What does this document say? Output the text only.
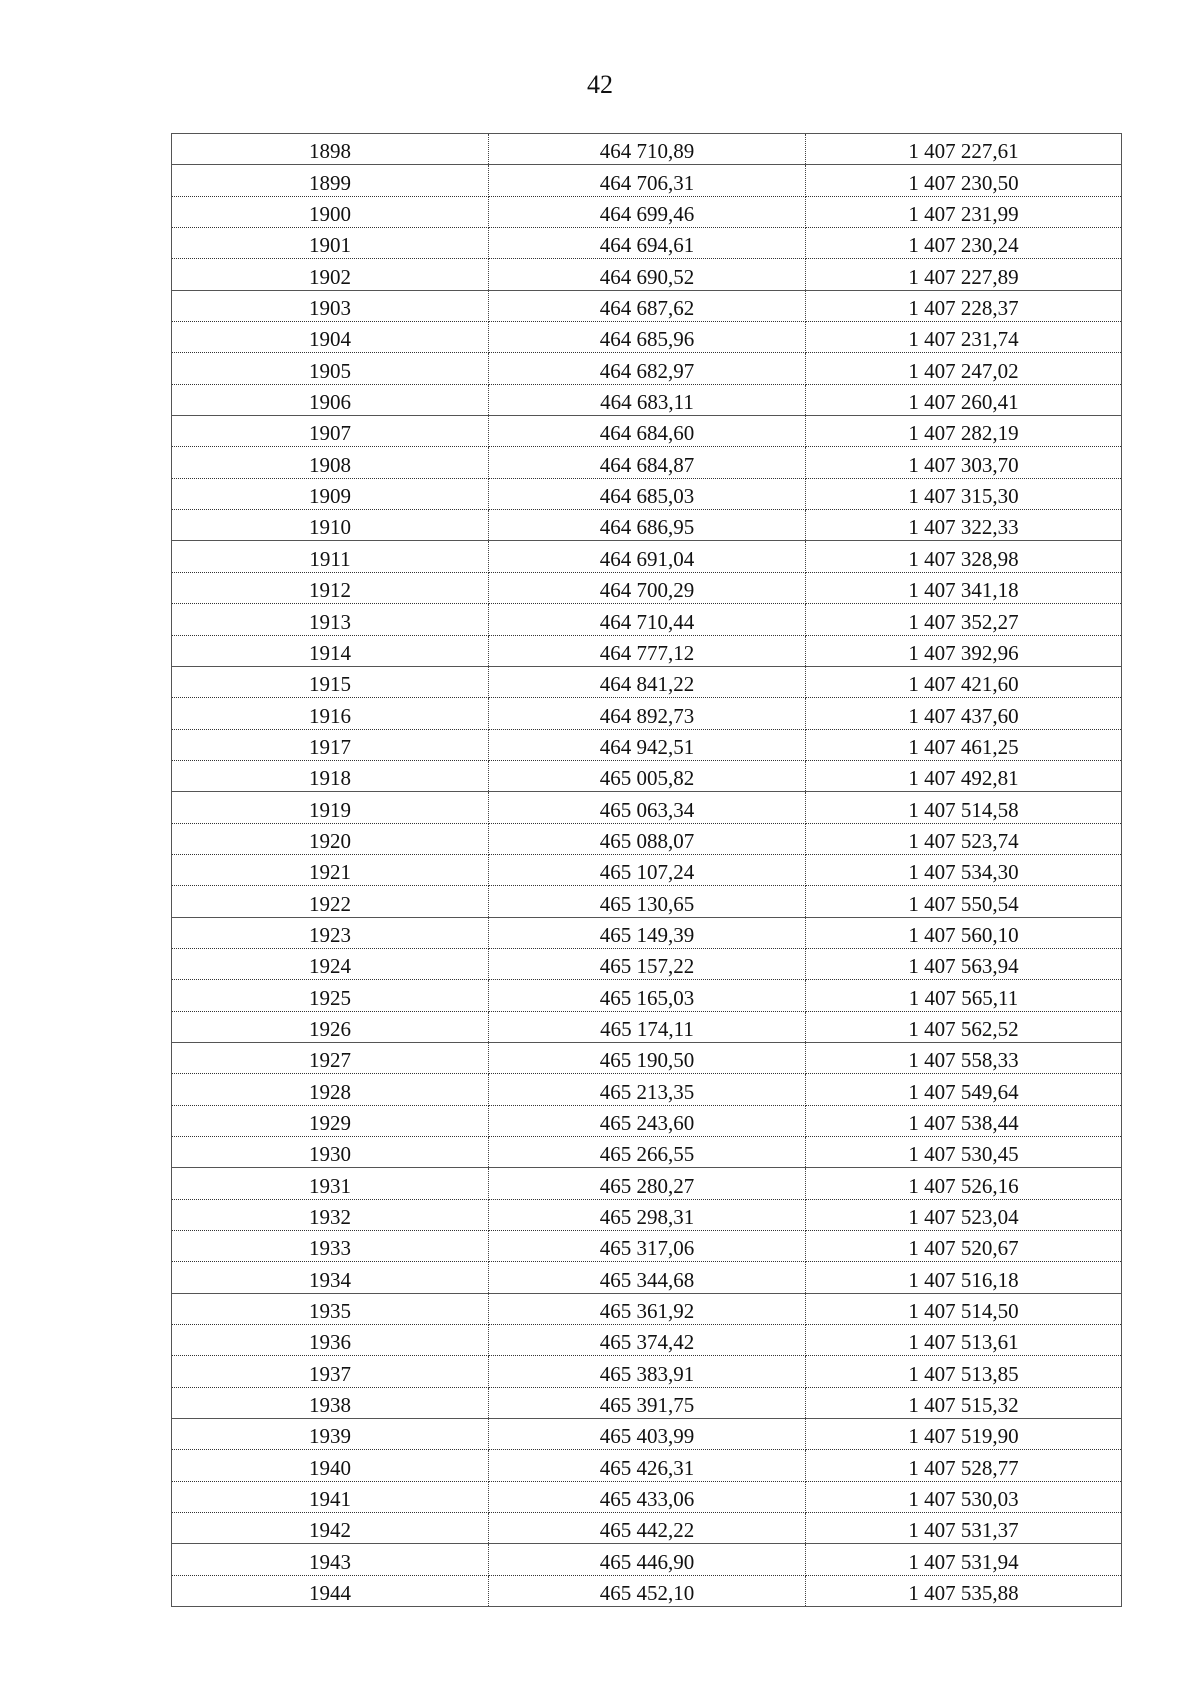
42
1898	464 710,89	1 407 227,61
1899	464 706,31	1 407 230,50
1900	464 699,46	1 407 231,99
1901	464 694,61	1 407 230,24
1902	464 690,52	1 407 227,89
1903	464 687,62	1 407 228,37
1904	464 685,96	1 407 231,74
1905	464 682,97	1 407 247,02
1906	464 683,11	1 407 260,41
1907	464 684,60	1 407 282,19
1908	464 684,87	1 407 303,70
1909	464 685,03	1 407 315,30
1910	464 686,95	1 407 322,33
1911	464 691,04	1 407 328,98
1912	464 700,29	1 407 341,18
1913	464 710,44	1 407 352,27
1914	464 777,12	1 407 392,96
1915	464 841,22	1 407 421,60
1916	464 892,73	1 407 437,60
1917	464 942,51	1 407 461,25
1918	465 005,82	1 407 492,81
1919	465 063,34	1 407 514,58
1920	465 088,07	1 407 523,74
1921	465 107,24	1 407 534,30
1922	465 130,65	1 407 550,54
1923	465 149,39	1 407 560,10
1924	465 157,22	1 407 563,94
1925	465 165,03	1 407 565,11
1926	465 174,11	1 407 562,52
1927	465 190,50	1 407 558,33
1928	465 213,35	1 407 549,64
1929	465 243,60	1 407 538,44
1930	465 266,55	1 407 530,45
1931	465 280,27	1 407 526,16
1932	465 298,31	1 407 523,04
1933	465 317,06	1 407 520,67
1934	465 344,68	1 407 516,18
1935	465 361,92	1 407 514,50
1936	465 374,42	1 407 513,61
1937	465 383,91	1 407 513,85
1938	465 391,75	1 407 515,32
1939	465 403,99	1 407 519,90
1940	465 426,31	1 407 528,77
1941	465 433,06	1 407 530,03
1942	465 442,22	1 407 531,37
1943	465 446,90	1 407 531,94
1944	465 452,10	1 407 535,88
